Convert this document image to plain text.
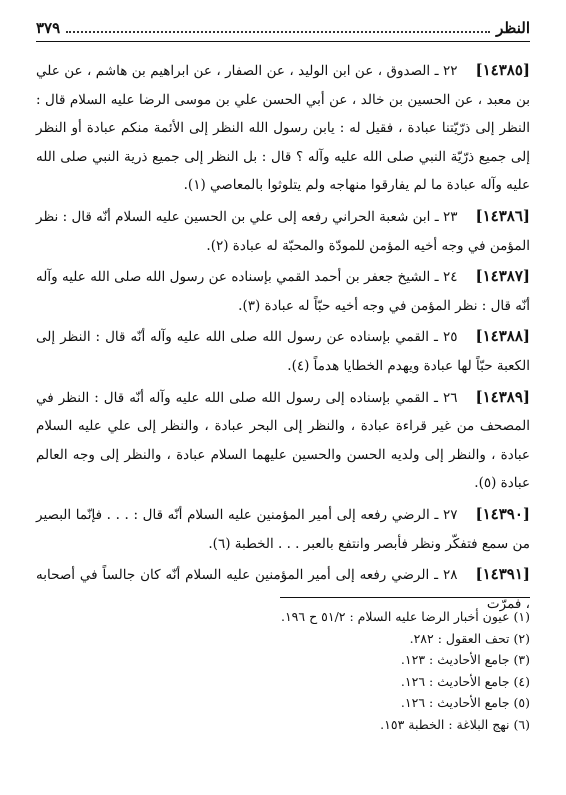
النظر
٣٧٩

[١٤٣٨٥]٢٢ ـ الصدوق ، عن ابن الوليد ، عن الصفار ، عن ابراهيم بن هاشم ، عن علي بن معبد ، عن الحسين بن خالد ، عن أبي الحسن علي بن موسى الرضا عليه السلام قال : النظر إلى ذرّيّتنا عبادة ، فقيل له : يابن رسول الله النظر إلى الأئمة منكم عبادة أو النظر إلى جميع ذرّيّة النبي صلى الله عليه وآله ؟ قال : بل النظر إلى جميع ذرية النبي صلى الله عليه وآله عبادة ما لم يفارقوا منهاجه ولم يتلوثوا بالمعاصي (١).

[١٤٣٨٦]٢٣ ـ ابن شعبة الحراني رفعه إلى علي بن الحسين عليه السلام أنّه قال : نظر المؤمن في وجه أخيه المؤمن للمودّة والمحبّة له عبادة (٢).

[١٤٣٨٧]٢٤ ـ الشيخ جعفر بن أحمد القمي بإسناده عن رسول الله صلى الله عليه وآله أنّه قال : نظر المؤمن في وجه أخيه حبّاً له عبادة (٣).

[١٤٣٨٨]٢٥ ـ القمي بإسناده عن رسول الله صلى الله عليه وآله أنّه قال : النظر إلى الكعبة حبّاً لها عبادة ويهدم الخطايا هدماً (٤).

[١٤٣٨٩]٢٦ ـ القمي بإسناده إلى رسول الله صلى الله عليه وآله أنّه قال : النظر في المصحف من غير قراءة عبادة ، والنظر إلى البحر عبادة ، والنظر إلى علي عليه السلام عبادة ، والنظر إلى ولديه الحسن والحسين عليهما السلام عبادة ، والنظر إلى وجه العالم عبادة (٥).

[١٤٣٩٠]٢٧ ـ الرضي رفعه إلى أمير المؤمنين عليه السلام أنّه قال : . . . فإنّما البصير من سمع فتفكّر ونظر فأبصر وانتفع بالعبر . . . الخطبة (٦).

[١٤٣٩١]٢٨ ـ الرضي رفعه إلى أمير المؤمنين عليه السلام أنّه كان جالساً في أصحابه ، فمرّت

(١) عيون أخبار الرضا عليه السلام : ٥١/٢ ح ١٩٦.
(٢) تحف العقول : ٢٨٢.
(٣) جامع الأحاديث : ١٢٣.
(٤) جامع الأحاديث : ١٢٦.
(٥) جامع الأحاديث : ١٢٦.
(٦) نهج البلاغة : الخطبة ١٥٣.
